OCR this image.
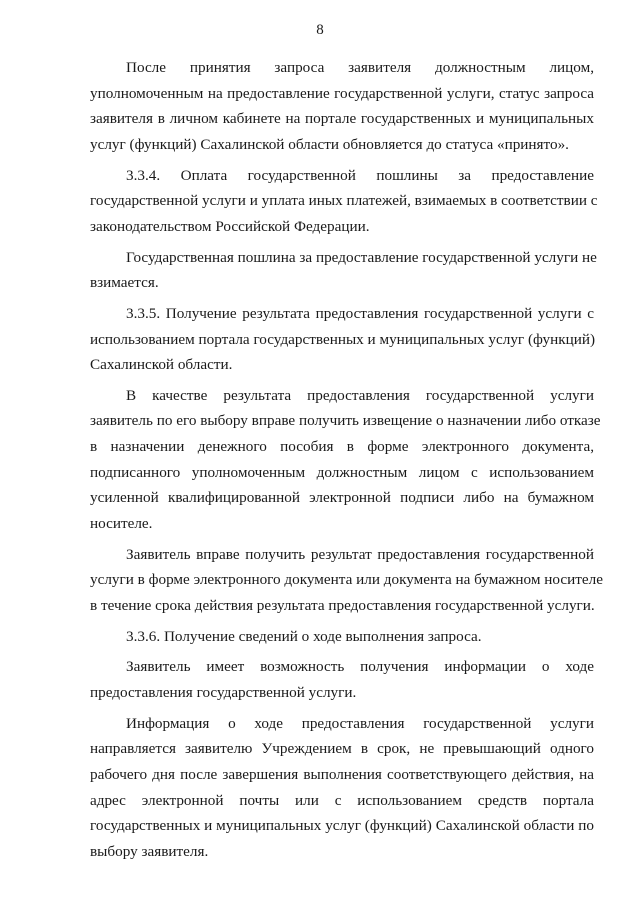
8
После принятия запроса заявителя должностным лицом,
уполномоченным на предоставление государственной услуги, статус запроса
заявителя в личном кабинете на портале государственных и муниципальных
услуг (функций) Сахалинской области обновляется до статуса «принято».
3.3.4. Оплата государственной пошлины за предоставление
государственной услуги и уплата иных платежей, взимаемых в соответствии с
законодательством Российской Федерации.
Государственная пошлина за предоставление государственной услуги не
взимается.
3.3.5. Получение результата предоставления государственной услуги с
использованием портала государственных и муниципальных услуг (функций)
Сахалинской области.
В качестве результата предоставления государственной услуги
заявитель по его выбору вправе получить извещение о назначении либо отказе
в назначении денежного пособия в форме электронного документа,
подписанного уполномоченным должностным лицом с использованием
усиленной квалифицированной электронной подписи либо на бумажном
носителе.
Заявитель вправе получить результат предоставления государственной
услуги в форме электронного документа или документа на бумажном носителе
в течение срока действия результата предоставления государственной услуги.
3.3.6. Получение сведений о ходе выполнения запроса.
Заявитель имеет возможность получения информации о ходе
предоставления государственной услуги.
Информация о ходе предоставления государственной услуги
направляется заявителю Учреждением в срок, не превышающий одного
рабочего дня после завершения выполнения соответствующего действия, на
адрес электронной почты или с использованием средств портала
государственных и муниципальных услуг (функций) Сахалинской области по
выбору заявителя.
